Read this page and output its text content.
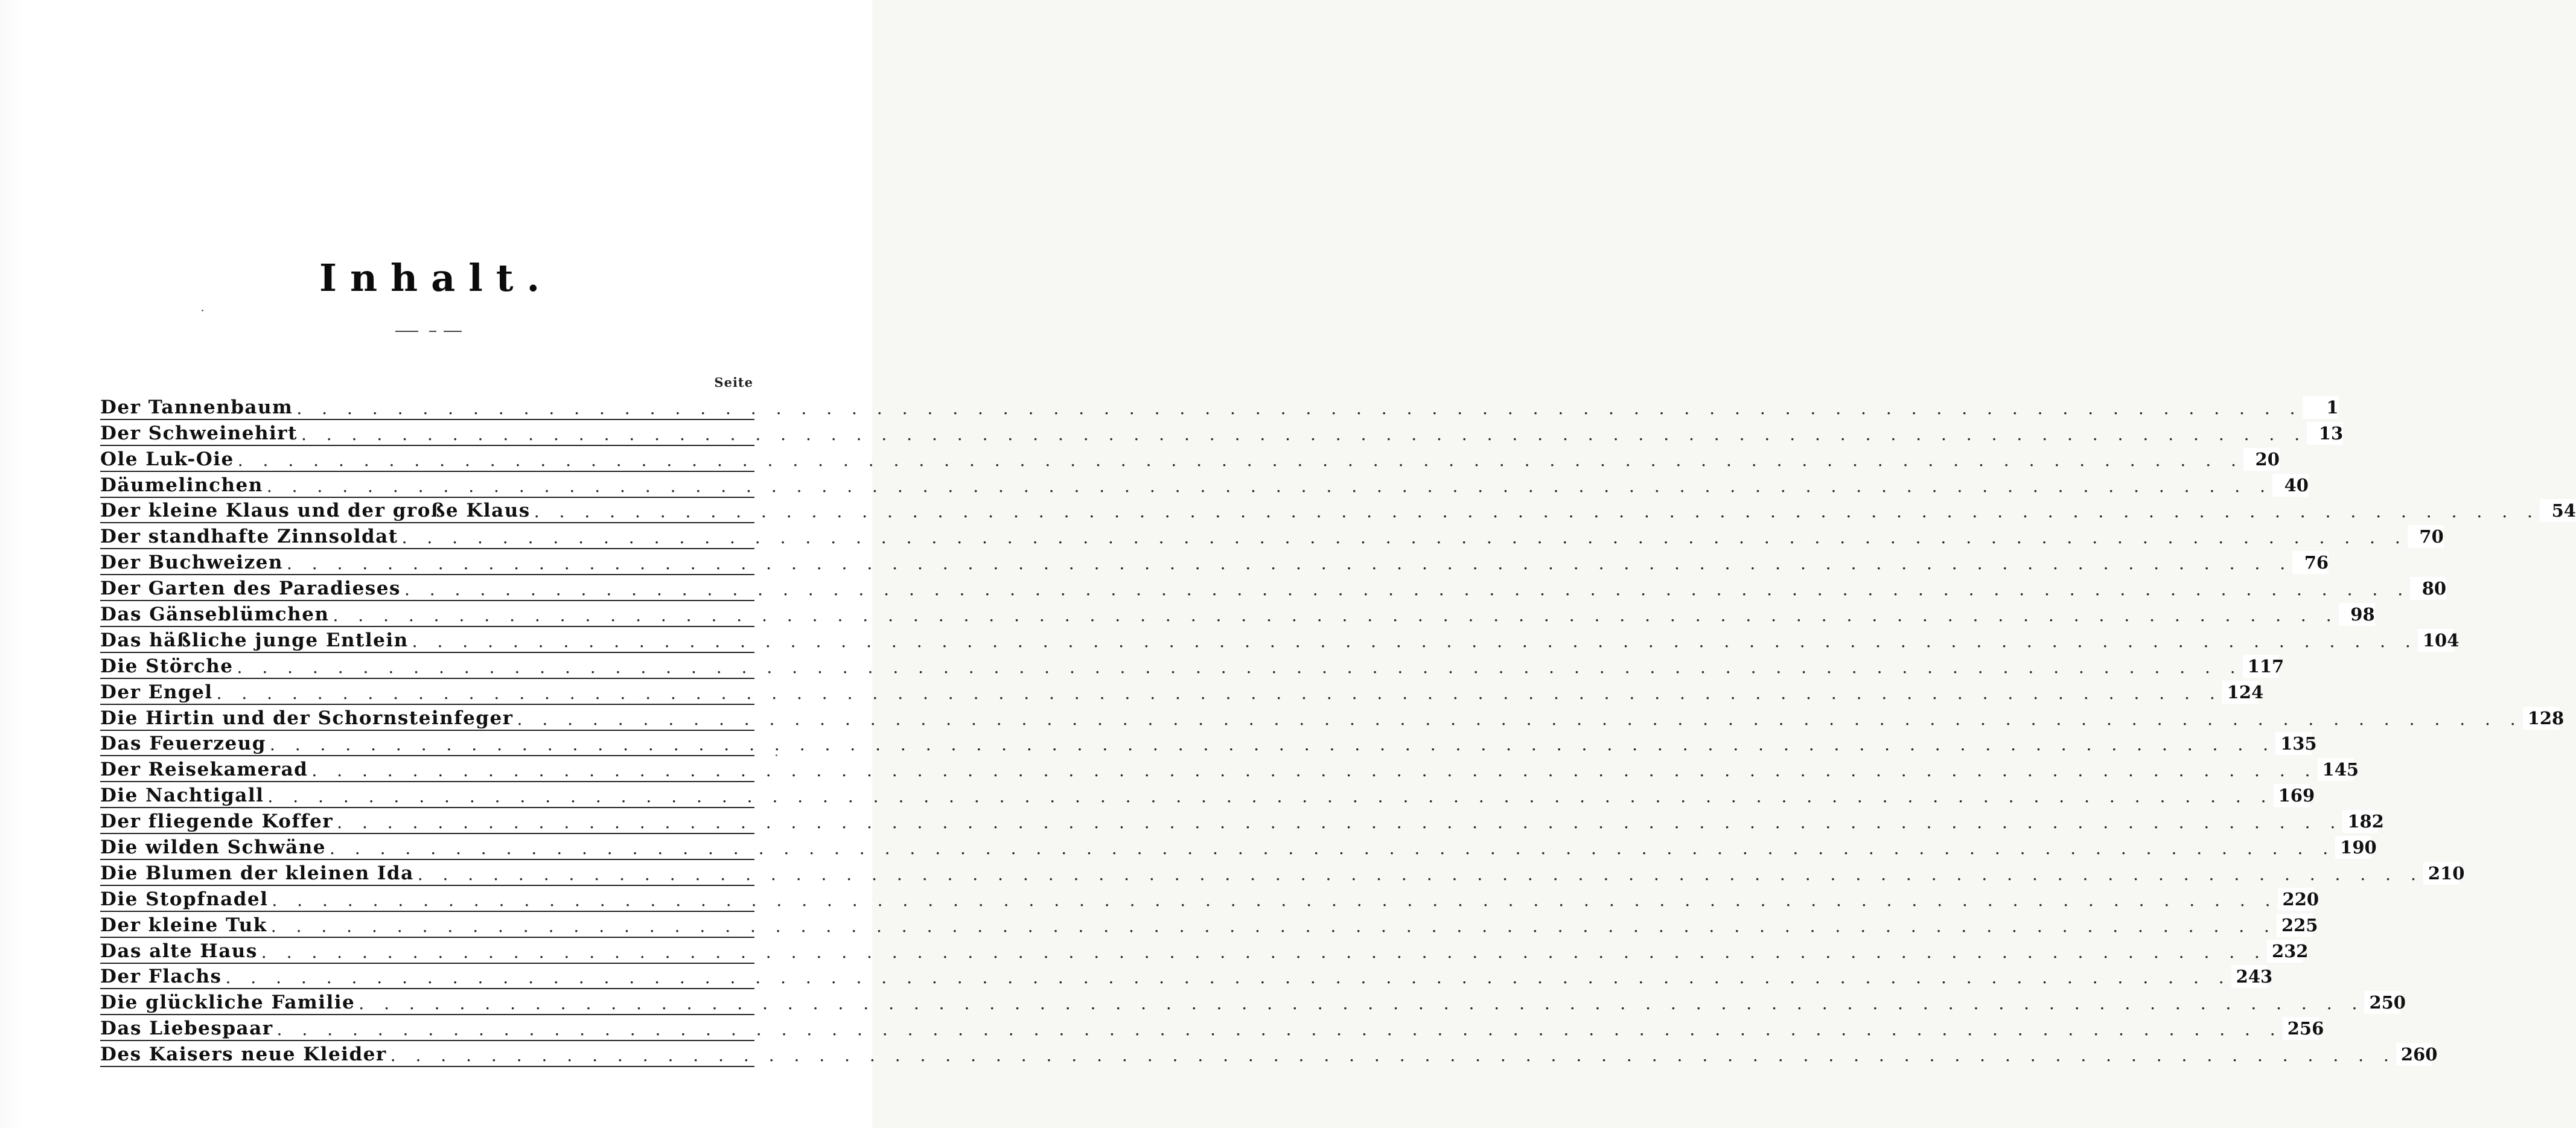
Inhalt.
Seite
Der Tannenbaum . . . . . . . . . . . . . . . . . . . . . . . . . . . . . . . . . . . . . . . . . . . . . . . . . . . . . . . . . . . . . . . . . . . . . . . . . . . . . . . .	1
Der Schweinehirt . . . . . . . . . . . . . . . . . . . . . . . . . . . . . . . . . . . . . . . . . . . . . . . . . . . . . . . . . . . . . . . . . . . . . . . . . . . . . . . . 13
Ole Luk-Oie . . . . . . . . . . . . . . . . . . . . . . . . . . . . . . . . . . . . . . . . . . . . . . . . . . . . . . . . . . . . . . . . . . . . . . . . . . . . . . . . 20
Däumelinchen . . . . . . . . . . . . . . . . . . . . . . . . . . . . . . . . . . . . . . . . . . . . . . . . . . . . . . . . . . . . . . . . . . . . . . . . . . . . . . . . 40
Der kleine Klaus und der große Klaus . . . . . . . . . . . . . . . . . . . . . . . . . . . . . . . . . . . . . . . . . . . . . . . . . . . . . . . . . . . . . . . . . . . . . . . . . . . . . . . . 54
Der standhafte Zinnsoldat . . . . . . . . . . . . . . . . . . . . . . . . . . . . . . . . . . . . . . . . . . . . . . . . . . . . . . . . . . . . . . . . . . . . . . . . . . . . . . . . 70
Der Buchweizen . . . . . . . . . . . . . . . . . . . . . . . . . . . . . . . . . . . . . . . . . . . . . . . . . . . . . . . . . . . . . . . . . . . . . . . . . . . . . . . . 76
Der Garten des Paradieses . . . . . . . . . . . . . . . . . . . . . . . . . . . . . . . . . . . . . . . . . . . . . . . . . . . . . . . . . . . . . . . . . . . . . . . . . . . . . . . . 80
Das Gänseblümchen . . . . . . . . . . . . . . . . . . . . . . . . . . . . . . . . . . . . . . . . . . . . . . . . . . . . . . . . . . . . . . . . . . . . . . . . . . . . . . . . 98
Das häßliche junge Entlein . . . . . . . . . . . . . . . . . . . . . . . . . . . . . . . . . . . . . . . . . . . . . . . . . . . . . . . . . . . . . . . . . . . . . . . . . . . . . . . . 104
Die Störche . . . . . . . . . . . . . . . . . . . . . . . . . . . . . . . . . . . . . . . . . . . . . . . . . . . . . . . . . . . . . . . . . . . . . . . . . . . . . . . . 117
Der Engel . . . . . . . . . . . . . . . . . . . . . . . . . . . . . . . . . . . . . . . . . . . . . . . . . . . . . . . . . . . . . . . . . . . . . . . . . . . . . . . . 124
Die Hirtin und der Schornsteinfeger . . . . . . . . . . . . . . . . . . . . . . . . . . . . . . . . . . . . . . . . . . . . . . . . . . . . . . . . . . . . . . . . . . . . . . . . . . . . . . . . 128
Das Feuerzeug . . . . . . . . . . . . . . . . . . . . . . . . . . . . . . . . . . . . . . . . . . . . . . . . . . . . . . . . . . . . . . . . . . . . . . . . . . . . . . . . 135
Der Reisekamerad . . . . . . . . . . . . . . . . . . . . . . . . . . . . . . . . . . . . . . . . . . . . . . . . . . . . . . . . . . . . . . . . . . . . . . . . . . . . . . . . 145
Die Nachtigall . . . . . . . . . . . . . . . . . . . . . . . . . . . . . . . . . . . . . . . . . . . . . . . . . . . . . . . . . . . . . . . . . . . . . . . . . . . . . . . . 169
Der fliegende Koffer . . . . . . . . . . . . . . . . . . . . . . . . . . . . . . . . . . . . . . . . . . . . . . . . . . . . . . . . . . . . . . . . . . . . . . . . . . . . . . . . 182
Die wilden Schwäne . . . . . . . . . . . . . . . . . . . . . . . . . . . . . . . . . . . . . . . . . . . . . . . . . . . . . . . . . . . . . . . . . . . . . . . . . . . . . . . . 190
Die Blumen der kleinen Ida . . . . . . . . . . . . . . . . . . . . . . . . . . . . . . . . . . . . . . . . . . . . . . . . . . . . . . . . . . . . . . . . . . . . . . . . . . . . . . . . 210
Die Stopfnadel . . . . . . . . . . . . . . . . . . . . . . . . . . . . . . . . . . . . . . . . . . . . . . . . . . . . . . . . . . . . . . . . . . . . . . . . . . . . . . . . 220
Der kleine Tuk . . . . . . . . . . . . . . . . . . . . . . . . . . . . . . . . . . . . . . . . . . . . . . . . . . . . . . . . . . . . . . . . . . . . . . . . . . . . . . . . 225
Das alte Haus . . . . . . . . . . . . . . . . . . . . . . . . . . . . . . . . . . . . . . . . . . . . . . . . . . . . . . . . . . . . . . . . . . . . . . . . . . . . . . . . 232
Der Flachs . . . . . . . . . . . . . . . . . . . . . . . . . . . . . . . . . . . . . . . . . . . . . . . . . . . . . . . . . . . . . . . . . . . . . . . . . . . . . . . . 243
Die glückliche Familie . . . . . . . . . . . . . . . . . . . . . . . . . . . . . . . . . . . . . . . . . . . . . . . . . . . . . . . . . . . . . . . . . . . . . . . . . . . . . . . . 250
Das Liebespaar . . . . . . . . . . . . . . . . . . . . . . . . . . . . . . . . . . . . . . . . . . . . . . . . . . . . . . . . . . . . . . . . . . . . . . . . . . . . . . . . 256
Des Kaisers neue Kleider . . . . . . . . . . . . . . . . . . . . . . . . . . . . . . . . . . . . . . . . . . . . . . . . . . . . . . . . . . . . . . . . . . . . . . . . . . . . . . . . 260
